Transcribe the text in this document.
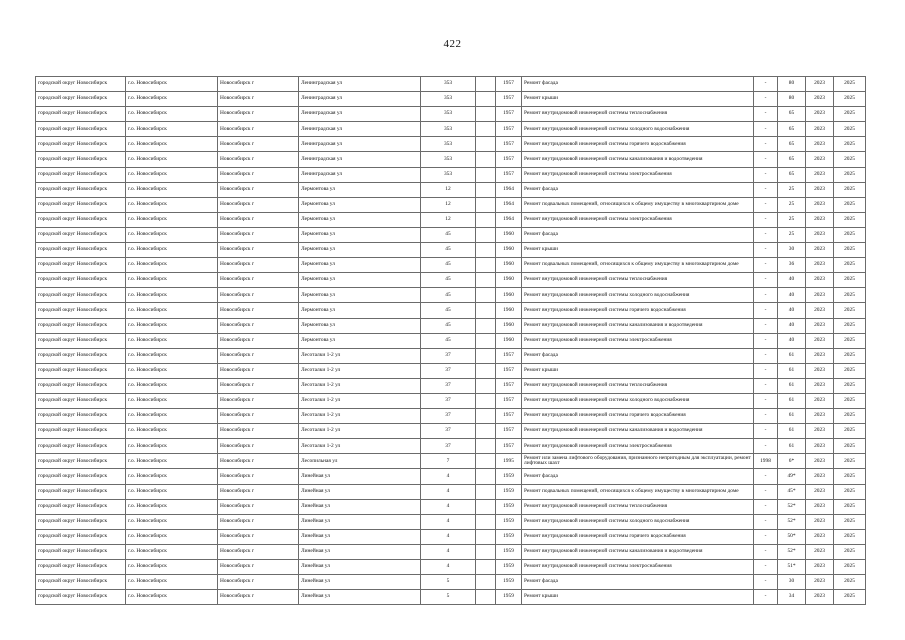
422
городской округ Новосибирск	г.о. Новосибирск	Новосибирск г	Ленинградская ул	353		1957	Ремонт фасада	-	80	2023	2025
городской округ Новосибирск	г.о. Новосибирск	Новосибирск г	Ленинградская ул	353		1957	Ремонт крыши	-	80	2023	2025
городской округ Новосибирск	г.о. Новосибирск	Новосибирск г	Ленинградская ул	353		1957	Ремонт внутридомовой инженерной системы теплоснабжения	-	65	2023	2025
городской округ Новосибирск	г.о. Новосибирск	Новосибирск г	Ленинградская ул	353		1957	Ремонт внутридомовой инженерной системы холодного водоснабжения	-	65	2023	2025
городской округ Новосибирск	г.о. Новосибирск	Новосибирск г	Ленинградская ул	353		1957	Ремонт внутридомовой инженерной системы горячего водоснабжения	-	65	2023	2025
городской округ Новосибирск	г.о. Новосибирск	Новосибирск г	Ленинградская ул	353		1957	Ремонт внутридомовой инженерной системы канализования и водоотведения	-	65	2023	2025
городской округ Новосибирск	г.о. Новосибирск	Новосибирск г	Ленинградская ул	353		1957	Ремонт внутридомовой инженерной системы электроснабжения	-	65	2023	2025
городской округ Новосибирск	г.о. Новосибирск	Новосибирск г	Лермонтова ул	12		1964	Ремонт фасада	-	25	2023	2025
городской округ Новосибирск	г.о. Новосибирск	Новосибирск г	Лермонтова ул	12		1964	Ремонт подвальных помещений, относящихся к общему имуществу в многоквартирном доме	-	25	2023	2025
городской округ Новосибирск	г.о. Новосибирск	Новосибирск г	Лермонтова ул	12		1964	Ремонт внутридомовой инженерной системы электроснабжения	-	25	2023	2025
городской округ Новосибирск	г.о. Новосибирск	Новосибирск г	Лермонтова ул	45		1960	Ремонт фасада	-	25	2023	2025
городской округ Новосибирск	г.о. Новосибирск	Новосибирск г	Лермонтова ул	45		1960	Ремонт крыши	-	30	2023	2025
городской округ Новосибирск	г.о. Новосибирск	Новосибирск г	Лермонтова ул	45		1960	Ремонт подвальных помещений, относящихся к общему имуществу в многоквартирном доме	-	36	2023	2025
городской округ Новосибирск	г.о. Новосибирск	Новосибирск г	Лермонтова ул	45		1960	Ремонт внутридомовой инженерной системы теплоснабжения	-	40	2023	2025
городской округ Новосибирск	г.о. Новосибирск	Новосибирск г	Лермонтова ул	45		1960	Ремонт внутридомовой инженерной системы холодного водоснабжения	-	40	2023	2025
городской округ Новосибирск	г.о. Новосибирск	Новосибирск г	Лермонтова ул	45		1960	Ремонт внутридомовой инженерной системы горячего водоснабжения	-	40	2023	2025
городской округ Новосибирск	г.о. Новосибирск	Новосибирск г	Лермонтова ул	45		1960	Ремонт внутридомовой инженерной системы канализования и водоотведения	-	40	2023	2025
городской округ Новосибирск	г.о. Новосибирск	Новосибирск г	Лермонтова ул	45		1960	Ремонт внутридомовой инженерной системы электроснабжения	-	40	2023	2025
городской округ Новосибирск	г.о. Новосибирск	Новосибирск г	Лесоталки 1-2 ул	37		1957	Ремонт фасада	-	61	2023	2025
городской округ Новосибирск	г.о. Новосибирск	Новосибирск г	Лесоталки 1-2 ул	37		1957	Ремонт крыши	-	61	2023	2025
городской округ Новосибирск	г.о. Новосибирск	Новосибирск г	Лесоталки 1-2 ул	37		1957	Ремонт внутридомовой инженерной системы теплоснабжения	-	61	2023	2025
городской округ Новосибирск	г.о. Новосибирск	Новосибирск г	Лесоталки 1-2 ул	37		1957	Ремонт внутридомовой инженерной системы холодного водоснабжения	-	61	2023	2025
городской округ Новосибирск	г.о. Новосибирск	Новосибирск г	Лесоталки 1-2 ул	37		1957	Ремонт внутридомовой инженерной системы горячего водоснабжения	-	61	2023	2025
городской округ Новосибирск	г.о. Новосибирск	Новосибирск г	Лесоталки 1-2 ул	37		1957	Ремонт внутридомовой инженерной системы канализования и водоотведения	-	61	2023	2025
городской округ Новосибирск	г.о. Новосибирск	Новосибирск г	Лесоталки 1-2 ул	37		1957	Ремонт внутридомовой инженерной системы электроснабжения	-	61	2023	2025
городской округ Новосибирск	г.о. Новосибирск	Новосибирск г	Лесопильная ул	7		1995	Ремонт или замена лифтового оборудования, признанного непригодным для эксплуатации, ремонт лифтовых шахт	1998	6*	2023	2025
городской округ Новосибирск	г.о. Новосибирск	Новосибирск г	Линейная ул	4		1959	Ремонт фасада	-	49*	2023	2025
городской округ Новосибирск	г.о. Новосибирск	Новосибирск г	Линейная ул	4		1959	Ремонт подвальных помещений, относящихся к общему имуществу в многоквартирном доме	-	45*	2023	2025
городской округ Новосибирск	г.о. Новосибирск	Новосибирск г	Линейная ул	4		1959	Ремонт внутридомовой инженерной системы теплоснабжения	-	52*	2023	2025
городской округ Новосибирск	г.о. Новосибирск	Новосибирск г	Линейная ул	4		1959	Ремонт внутридомовой инженерной системы холодного водоснабжения	-	52*	2023	2025
городской округ Новосибирск	г.о. Новосибирск	Новосибирск г	Линейная ул	4		1959	Ремонт внутридомовой инженерной системы горячего водоснабжения	-	50*	2023	2025
городской округ Новосибирск	г.о. Новосибирск	Новосибирск г	Линейная ул	4		1959	Ремонт внутридомовой инженерной системы канализования и водоотведения	-	52*	2023	2025
городской округ Новосибирск	г.о. Новосибирск	Новосибирск г	Линейная ул	4		1959	Ремонт внутридомовой инженерной системы электроснабжения	-	51*	2023	2025
городской округ Новосибирск	г.о. Новосибирск	Новосибирск г	Линейная ул	5		1959	Ремонт фасада	-	30	2023	2025
городской округ Новосибирск	г.о. Новосибирск	Новосибирск г	Линейная ул	5		1959	Ремонт крыши	-	34	2023	2025
